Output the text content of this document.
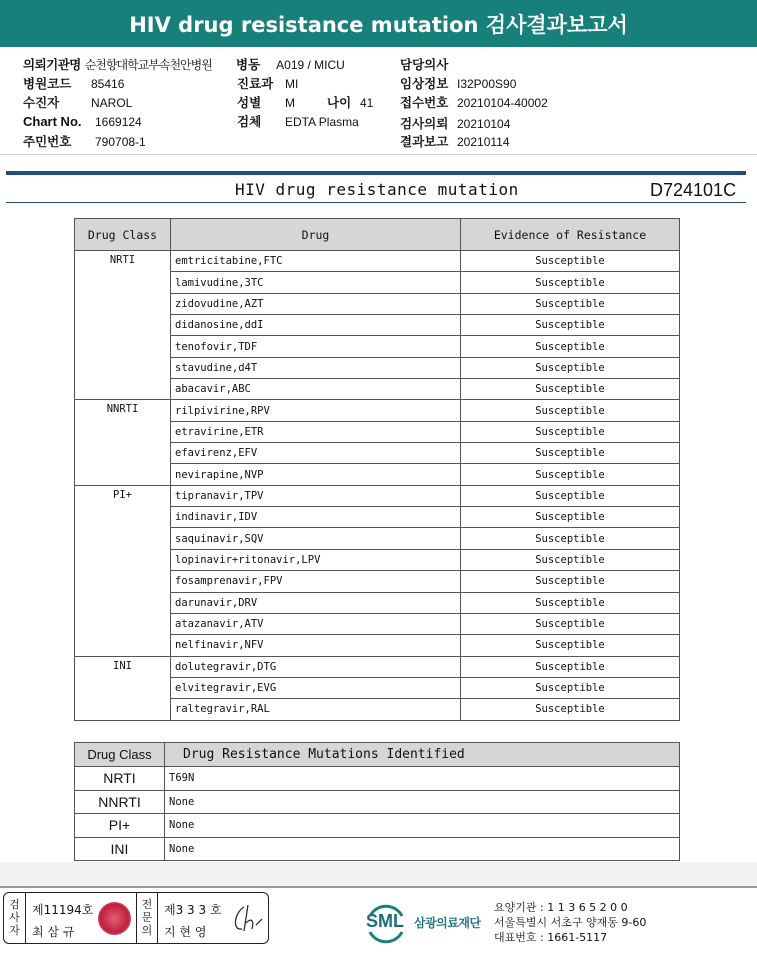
HIV drug resistance mutation 검사결과보고서
의뢰기관명 순천향대학교부속천안병원 병동 A019 / MICU	담당의사
병원코드 85416	진료과 MI	임상정보 I32P00S90
수진자	NAROL	성별 M	나이 41 접수번호 20210104-40002
Chart No. 1669124	검체 EDTA Plasma	검사의뢰 20210104
주민번호 790708-1	결과보고 20210114
HIV drug resistance mutation	D724101C
Drug Class	Drug	Evidence of Resistance
NRTI	emtricitabine,FTC	Susceptible
	lamivudine,3TC	Susceptible
	zidovudine,AZT	Susceptible
	didanosine,ddI	Susceptible
	tenofovir,TDF	Susceptible
	stavudine,d4T	Susceptible
	abacavir,ABC	Susceptible
NNRTI	rilpivirine,RPV	Susceptible
	etravirine,ETR	Susceptible
	efavirenz,EFV	Susceptible
	nevirapine,NVP	Susceptible
PI+	tipranavir,TPV	Susceptible
	indinavir,IDV	Susceptible
	saquinavir,SQV	Susceptible
	lopinavir+ritonavir,LPV	Susceptible
	fosamprenavir,FPV	Susceptible
	darunavir,DRV	Susceptible
	atazanavir,ATV	Susceptible
	nelfinavir,NFV	Susceptible
INI	dolutegravir,DTG	Susceptible
	elvitegravir,EVG	Susceptible
	raltegravir,RAL	Susceptible
Drug Class	Drug Resistance Mutations Identified
NRTI	T69N
NNRTI	None
PI+	None
INI	None
검사자
제11194호
최 삼 규
전문의
제3 3 3 호
지 현 영
SML 삼광의료재단
요양기관 : 1 1 3 6 5 2 0 0
서울특별시 서초구 양재동 9-60
대표번호 : 1661-5117
